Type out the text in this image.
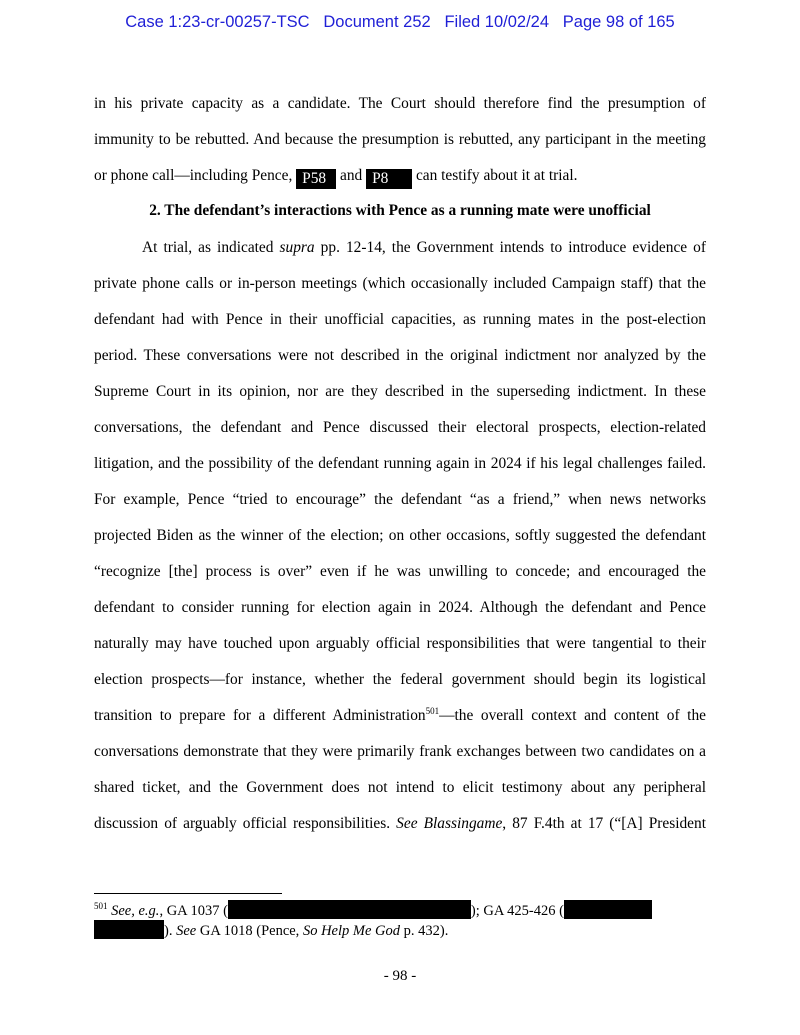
Case 1:23-cr-00257-TSC Document 252 Filed 10/02/24 Page 98 of 165
in his private capacity as a candidate. The Court should therefore find the presumption of
immunity to be rebutted. And because the presumption is rebutted, any participant in the meeting
or phone call—including Pence, P58 and P8 can testify about it at trial.
2. The defendant’s interactions with Pence as a running mate were unofficial
At trial, as indicated supra pp. 12-14, the Government intends to introduce evidence of
private phone calls or in-person meetings (which occasionally included Campaign staff) that the
defendant had with Pence in their unofficial capacities, as running mates in the post-election
period. These conversations were not described in the original indictment nor analyzed by the
Supreme Court in its opinion, nor are they described in the superseding indictment. In these
conversations, the defendant and Pence discussed their electoral prospects, election-related
litigation, and the possibility of the defendant running again in 2024 if his legal challenges failed.
For example, Pence “tried to encourage” the defendant “as a friend,” when news networks
projected Biden as the winner of the election; on other occasions, softly suggested the defendant
“recognize [the] process is over” even if he was unwilling to concede; and encouraged the
defendant to consider running for election again in 2024. Although the defendant and Pence
naturally may have touched upon arguably official responsibilities that were tangential to their
election prospects—for instance, whether the federal government should begin its logistical
transition to prepare for a different Administration$^{501}$—the overall context and content of the
conversations demonstrate that they were primarily frank exchanges between two candidates on a
shared ticket, and the Government does not intend to elicit testimony about any peripheral
discussion of arguably official responsibilities. See Blassingame, 87 F.4th at 17 (“[A] President
$^{501}$ See, e.g., GA 1037 (	); GA 425-426 (
). See GA 1018 (Pence, So Help Me God p. 432).
- 98 -
